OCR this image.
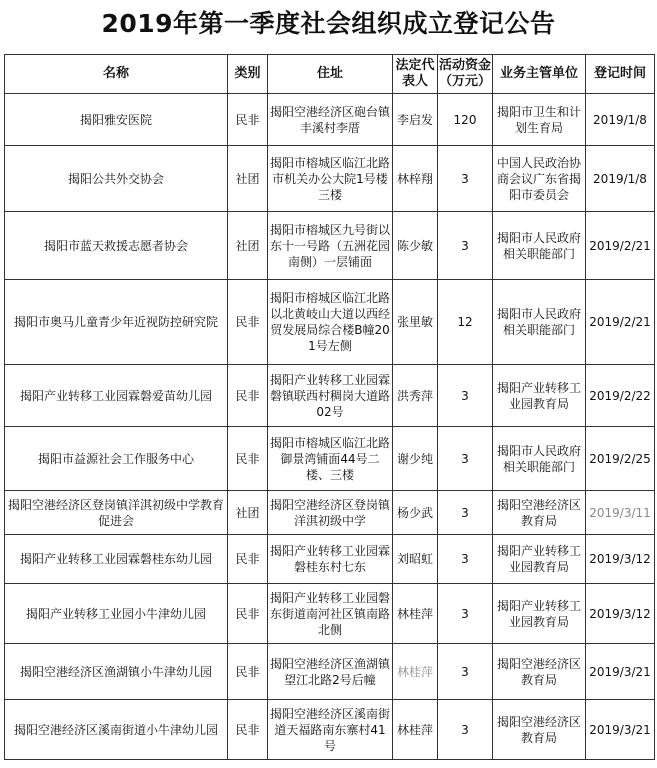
2019年第一季度社会组织成立登记公告
名称	类别	住址	法定代表人	活动资金（万元）	业务主管单位	登记时间
揭阳雅安医院	民非	揭阳空港经济区砲台镇丰溪村李厝	李启发	120	揭阳市卫生和计划生育局	2019/1/8
揭阳公共外交协会	社团	揭阳市榕城区临江北路市机关办公大院1号楼三楼	林梓翔	3	中国人民政治协商会议广东省揭阳市委员会	2019/1/8
揭阳市蓝天救援志愿者协会	社团	揭阳市榕城区九号街以东十一号路（五洲花园南侧）一层铺面	陈少敏	3	揭阳市人民政府相关职能部门	2019/2/21
揭阳市奥马儿童青少年近视防控研究院	民非	揭阳市榕城区临江北路以北黄岐山大道以西经贸发展局综合楼B幢201号左侧	张里敏	12	揭阳市人民政府相关职能部门	2019/2/21
揭阳产业转移工业园霖磐爱苗幼儿园	民非	揭阳产业转移工业园霖磐镇联西村稠岗大道路02号	洪秀萍	3	揭阳产业转移工业园教育局	2019/2/22
揭阳市益源社会工作服务中心	民非	揭阳市榕城区临江北路御景湾铺面44号二楼、三楼	谢少纯	3	揭阳市人民政府相关职能部门	2019/2/25
揭阳空港经济区登岗镇洋淇初级中学教育促进会	社团	揭阳空港经济区登岗镇洋淇初级中学	杨少武	3	揭阳空港经济区教育局	2019/3/11
揭阳产业转移工业园霖磐桂东幼儿园	民非	揭阳产业转移工业园霖磐桂东村七东	刘昭虹	3	揭阳产业转移工业园教育局	2019/3/12
揭阳产业转移工业园小牛津幼儿园	民非	揭阳产业转移工业园磐东街道南河社区镇南路北侧	林桂萍	3	揭阳产业转移工业园教育局	2019/3/12
揭阳空港经济区渔湖镇小牛津幼儿园	民非	揭阳空港经济区渔湖镇望江北路2号后幢	林桂萍	3	揭阳空港经济区教育局	2019/3/21
揭阳空港经济区溪南街道小牛津幼儿园	民非	揭阳空港经济区溪南街道天福路南东寨村41号	林桂萍	3	揭阳空港经济区教育局	2019/3/21
